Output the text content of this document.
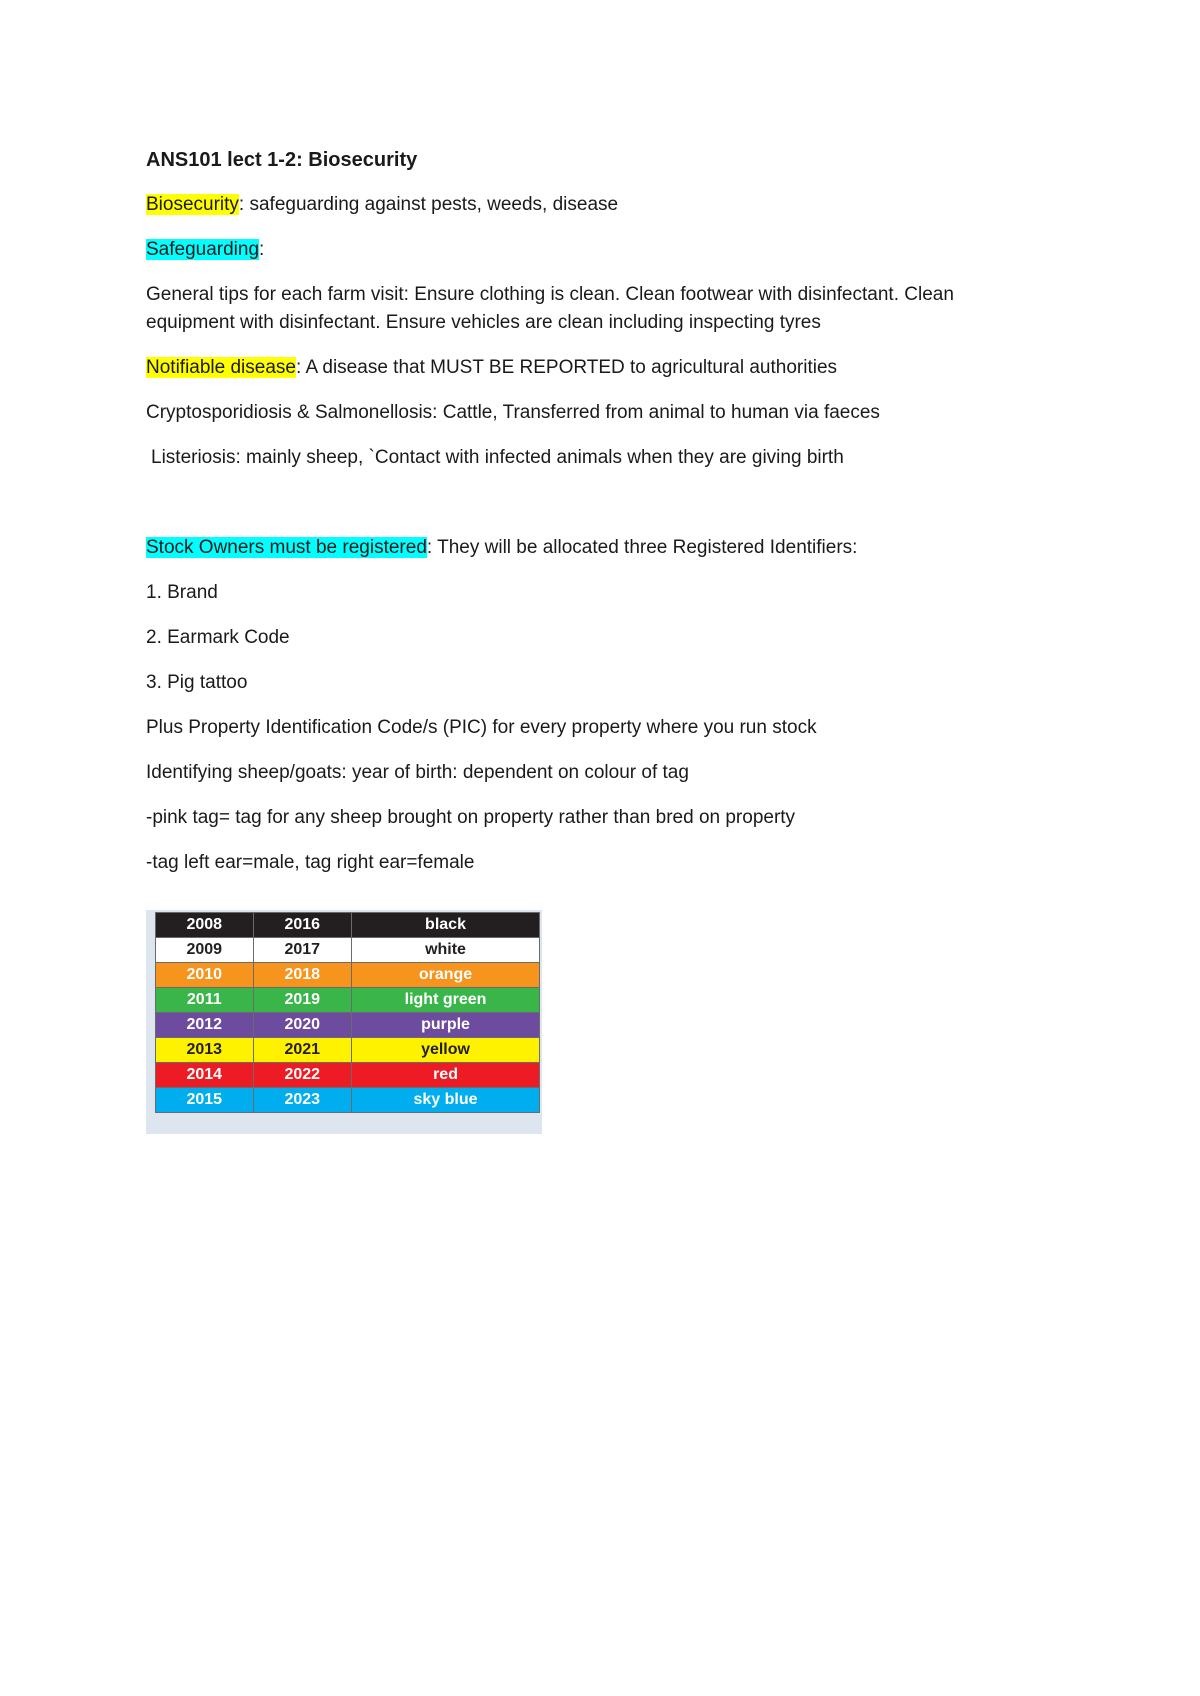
ANS101 lect 1-2: Biosecurity

Biosecurity: safeguarding against pests, weeds, disease

Safeguarding:

General tips for each farm visit: Ensure clothing is clean. Clean footwear with disinfectant. Clean equipment with disinfectant. Ensure vehicles are clean including inspecting tyres

Notifiable disease: A disease that MUST BE REPORTED to agricultural authorities

Cryptosporidiosis & Salmonellosis: Cattle, Transferred from animal to human via faeces

Listeriosis: mainly sheep, `Contact with infected animals when they are giving birth

Stock Owners must be registered: They will be allocated three Registered Identifiers:

1. Brand

2. Earmark Code

3. Pig tattoo

Plus Property Identification Code/s (PIC) for every property where you run stock

Identifying sheep/goats: year of birth: dependent on colour of tag

-pink tag= tag for any sheep brought on property rather than bred on property

-tag left ear=male, tag right ear=female

2008	2016	black
2009	2017	white
2010	2018	orange
2011	2019	light green
2012	2020	purple
2013	2021	yellow
2014	2022	red
2015	2023	sky blue
